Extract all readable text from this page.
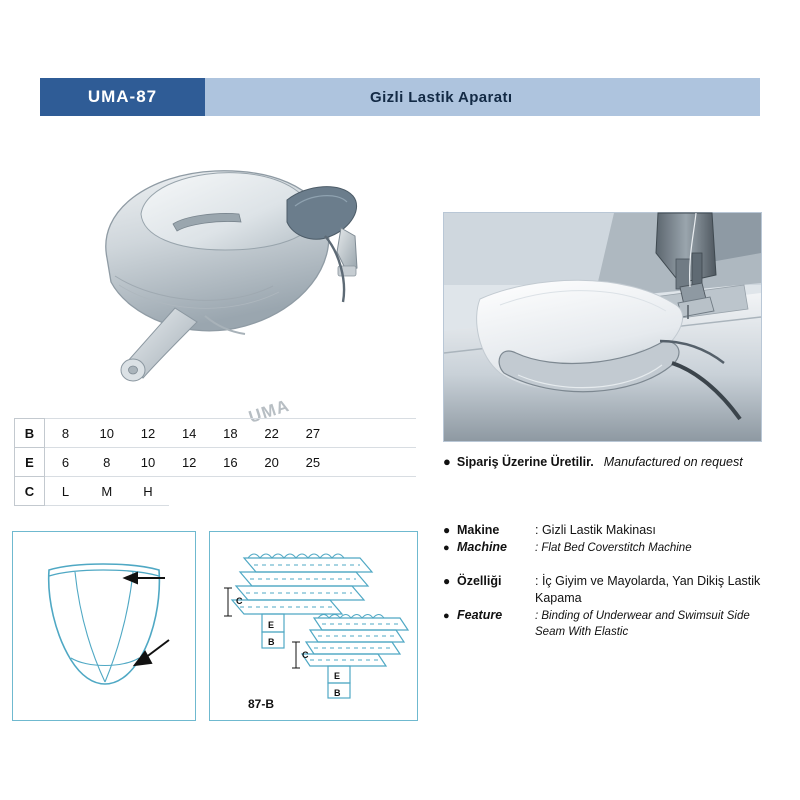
UMA-87	Gizli Lastik Aparatı
UMA
B	8	10	12	14	18	22	27		
E	6	8	10	12	16	20	25		
C	L	M	H						
C
E
B
C
E
B
87-B
● Sipariş Üzerine Üretilir. Manufactured on request
● Makine	: Gizli Lastik Makinası
● Machine	: Flat Bed Coverstitch Machine
● Özelliği	: İç Giyim ve Mayolarda, Yan Dikiş Lastik Kapama
● Feature	: Binding of Underwear and Swimsuit Side Seam With Elastic
